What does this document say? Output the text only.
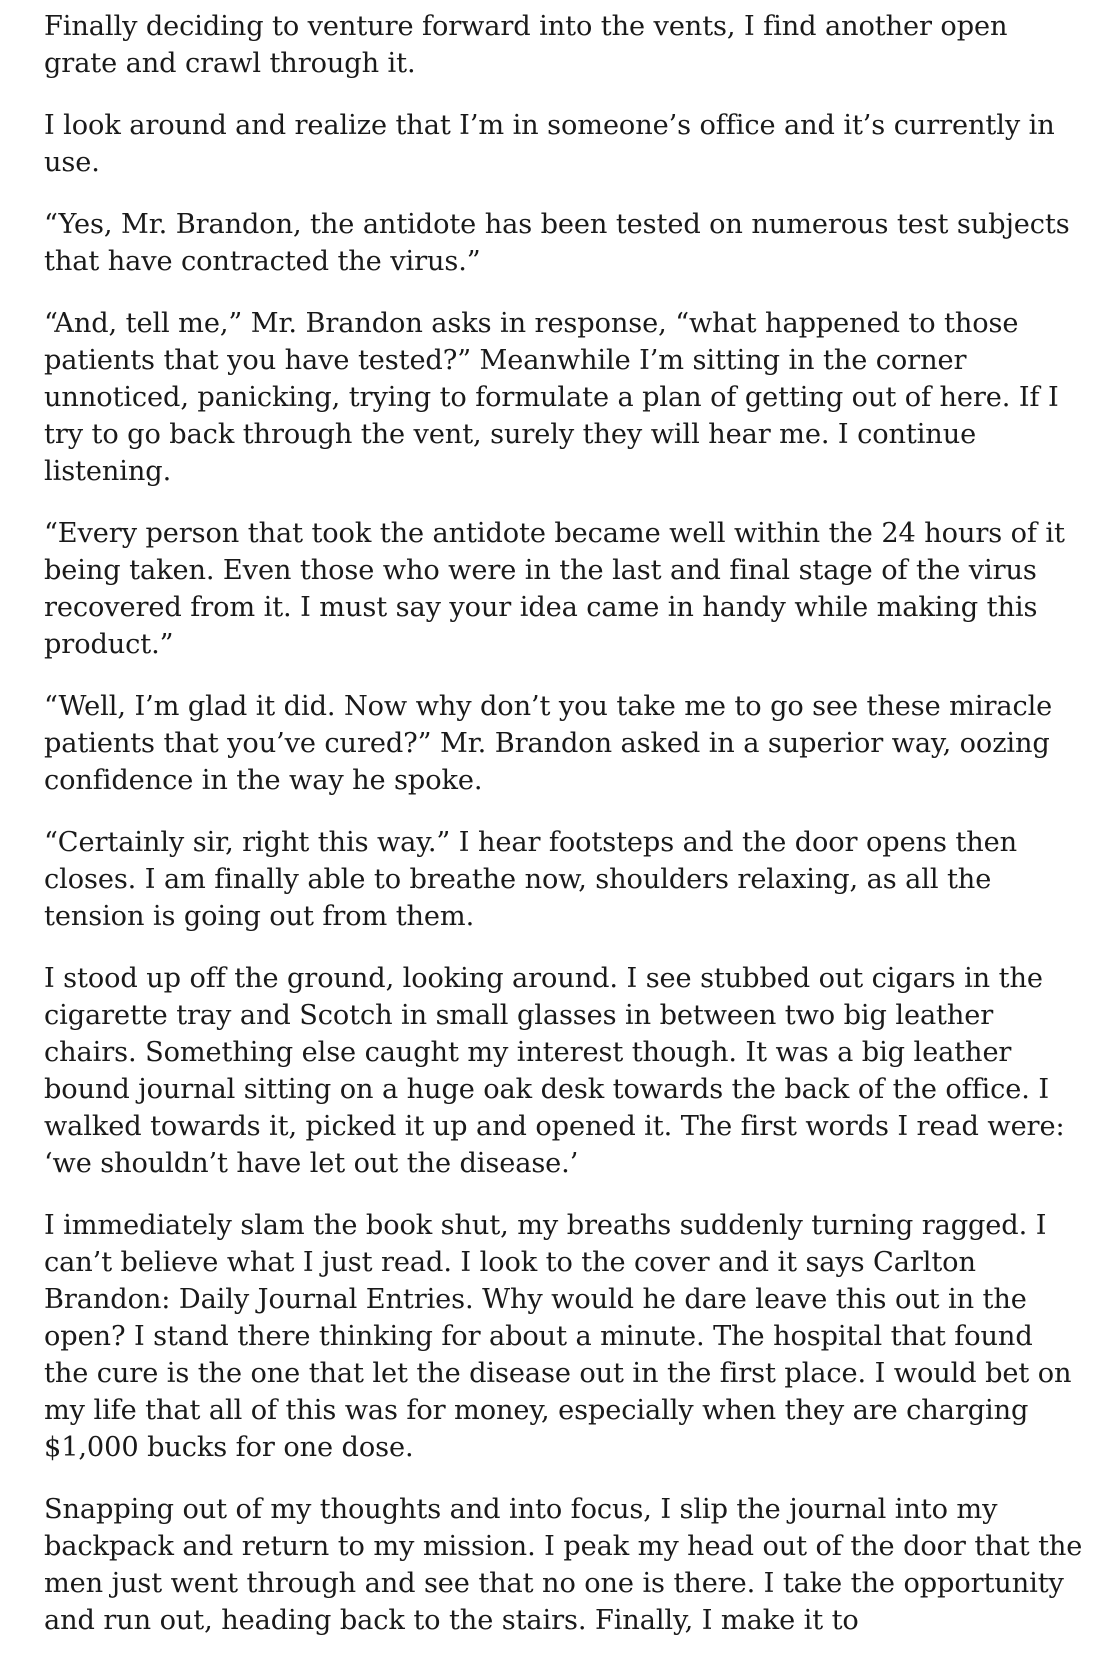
Finally deciding to venture forward into the vents, I find another open grate and crawl through it.

I look around and realize that I’m in someone’s office and it’s currently in use.

“Yes, Mr. Brandon, the antidote has been tested on numerous test subjects that have contracted the virus.”

“And, tell me,” Mr. Brandon asks in response, “what happened to those patients that you have tested?” Meanwhile I’m sitting in the corner unnoticed, panicking, trying to formulate a plan of getting out of here. If I try to go back through the vent, surely they will hear me. I continue listening.

“Every person that took the antidote became well within the 24 hours of it being taken. Even those who were in the last and final stage of the virus recovered from it. I must say your idea came in handy while making this product.”

“Well, I’m glad it did. Now why don’t you take me to go see these miracle patients that you’ve cured?” Mr. Brandon asked in a superior way, oozing confidence in the way he spoke.

“Certainly sir, right this way.” I hear footsteps and the door opens then closes. I am finally able to breathe now, shoulders relaxing, as all the tension is going out from them.

I stood up off the ground, looking around. I see stubbed out cigars in the cigarette tray and Scotch in small glasses in between two big leather chairs. Something else caught my interest though. It was a big leather bound journal sitting on a huge oak desk towards the back of the office. I walked towards it, picked it up and opened it. The first words I read were: ‘we shouldn’t have let out the disease.’

I immediately slam the book shut, my breaths suddenly turning ragged. I can’t believe what I just read. I look to the cover and it says Carlton Brandon: Daily Journal Entries. Why would he dare leave this out in the open? I stand there thinking for about a minute. The hospital that found the cure is the one that let the disease out in the first place. I would bet on my life that all of this was for money, especially when they are charging $1,000 bucks for one dose.

Snapping out of my thoughts and into focus, I slip the journal into my backpack and return to my mission. I peak my head out of the door that the men just went through and see that no one is there. I take the opportunity and run out, heading back to the stairs. Finally, I make it to
